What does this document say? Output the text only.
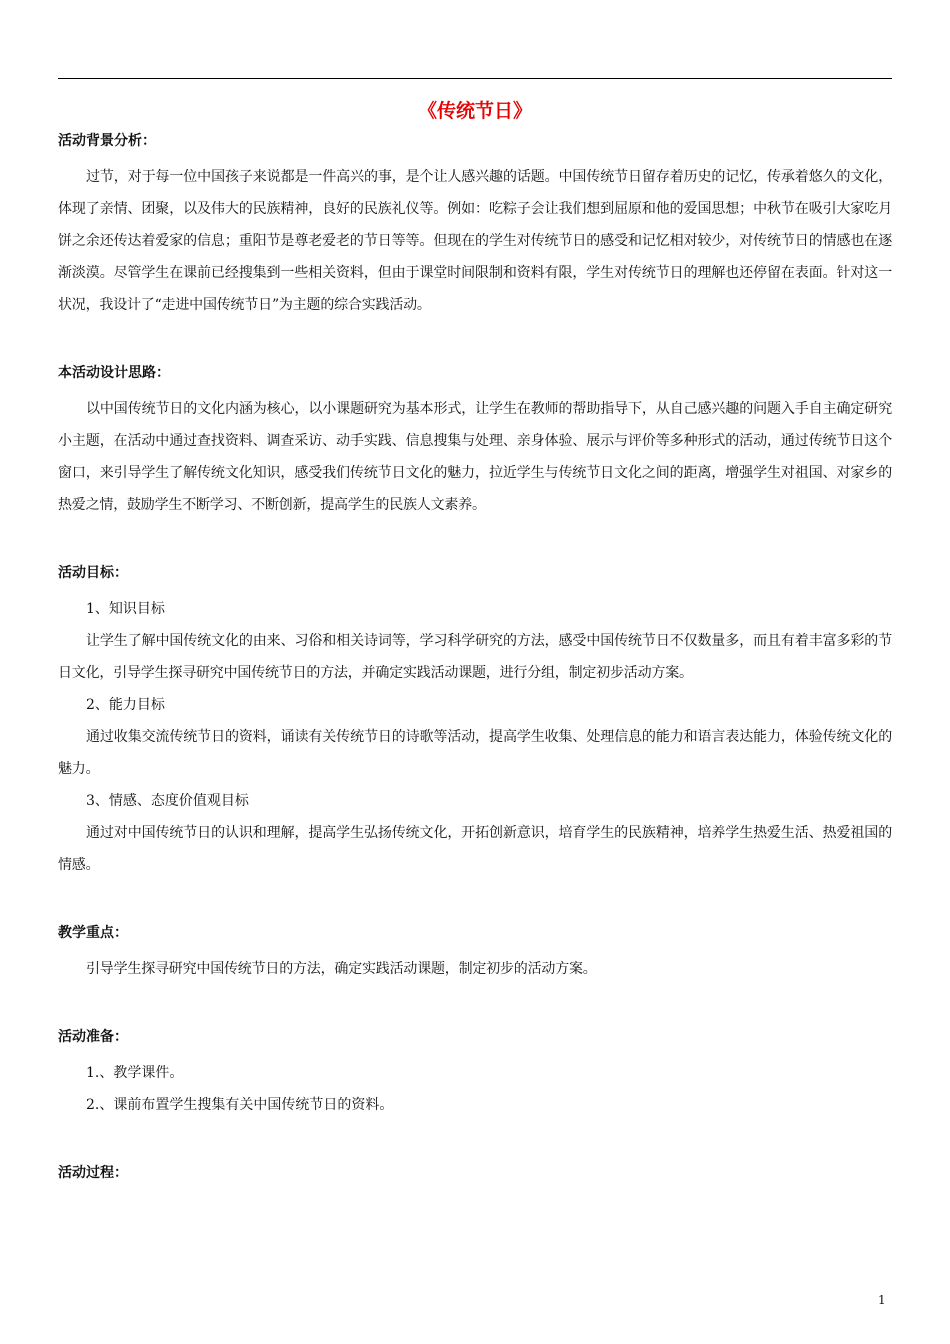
《传统节日》

活动背景分析：

过节，对于每一位中国孩子来说都是一件高兴的事，是个让人感兴趣的话题。中国传统节日留存着历史的记忆，传承着悠久的文化，体现了亲情、团聚，以及伟大的民族精神，良好的民族礼仪等。例如：吃粽子会让我们想到屈原和他的爱国思想；中秋节在吸引大家吃月饼之余还传达着爱家的信息；重阳节是尊老爱老的节日等等。但现在的学生对传统节日的感受和记忆相对较少，对传统节日的情感也在逐渐淡漠。尽管学生在课前已经搜集到一些相关资料，但由于课堂时间限制和资料有限，学生对传统节日的理解也还停留在表面。针对这一状况，我设计了“走进中国传统节日”为主题的综合实践活动。

本活动设计思路：

以中国传统节日的文化内涵为核心，以小课题研究为基本形式，让学生在教师的帮助指导下，从自己感兴趣的问题入手自主确定研究小主题，在活动中通过查找资料、调查采访、动手实践、信息搜集与处理、亲身体验、展示与评价等多种形式的活动，通过传统节日这个窗口，来引导学生了解传统文化知识，感受我们传统节日文化的魅力，拉近学生与传统节日文化之间的距离，增强学生对祖国、对家乡的热爱之情，鼓励学生不断学习、不断创新，提高学生的民族人文素养。

活动目标：

1、知识目标

让学生了解中国传统文化的由来、习俗和相关诗词等，学习科学研究的方法，感受中国传统节日不仅数量多，而且有着丰富多彩的节日文化，引导学生探寻研究中国传统节日的方法，并确定实践活动课题，进行分组，制定初步活动方案。

2、能力目标

通过收集交流传统节日的资料，诵读有关传统节日的诗歌等活动，提高学生收集、处理信息的能力和语言表达能力，体验传统文化的魅力。

3、情感、态度价值观目标

通过对中国传统节日的认识和理解，提高学生弘扬传统文化，开拓创新意识，培育学生的民族精神，培养学生热爱生活、热爱祖国的情感。

教学重点：

引导学生探寻研究中国传统节日的方法，确定实践活动课题，制定初步的活动方案。

活动准备：

1.、教学课件。

2.、课前布置学生搜集有关中国传统节日的资料。

活动过程：

1
